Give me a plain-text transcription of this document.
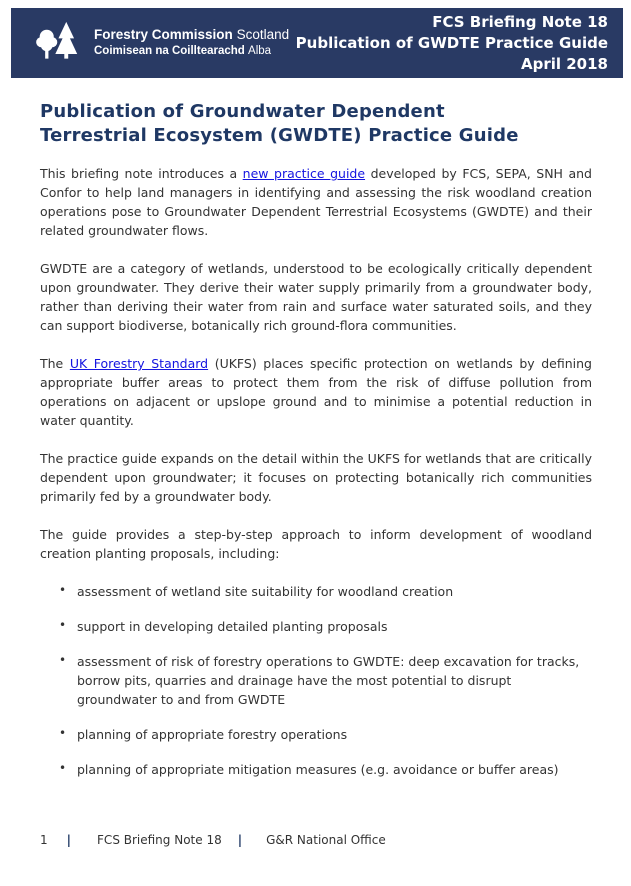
Forestry Commission Scotland
Coimisean na Coilltearachd Alba
FCS Briefing Note 18
Publication of GWDTE Practice Guide
April 2018
Publication of Groundwater Dependent
Terrestrial Ecosystem (GWDTE) Practice Guide

This briefing note introduces a new practice guide developed by FCS, SEPA, SNH and Confor to help land managers in identifying and assessing the risk woodland creation operations pose to Groundwater Dependent Terrestrial Ecosystems (GWDTE) and their related groundwater flows.

GWDTE are a category of wetlands, understood to be ecologically critically dependent upon groundwater. They derive their water supply primarily from a groundwater body, rather than deriving their water from rain and surface water saturated soils, and they can support biodiverse, botanically rich ground-flora communities.

The UK Forestry Standard (UKFS) places specific protection on wetlands by defining appropriate buffer areas to protect them from the risk of diffuse pollution from operations on adjacent or upslope ground and to minimise a potential reduction in water quantity.

The practice guide expands on the detail within the UKFS for wetlands that are critically dependent upon groundwater; it focuses on protecting botanically rich communities primarily fed by a groundwater body.

The guide provides a step-by-step approach to inform development of woodland creation planting proposals, including:

• assessment of wetland site suitability for woodland creation
• support in developing detailed planting proposals
• assessment of risk of forestry operations to GWDTE: deep excavation for tracks, borrow pits, quarries and drainage have the most potential to disrupt groundwater to and from GWDTE
• planning of appropriate forestry operations
• planning of appropriate mitigation measures (e.g. avoidance or buffer areas)
1 | FCS Briefing Note 18 | G&R National Office
